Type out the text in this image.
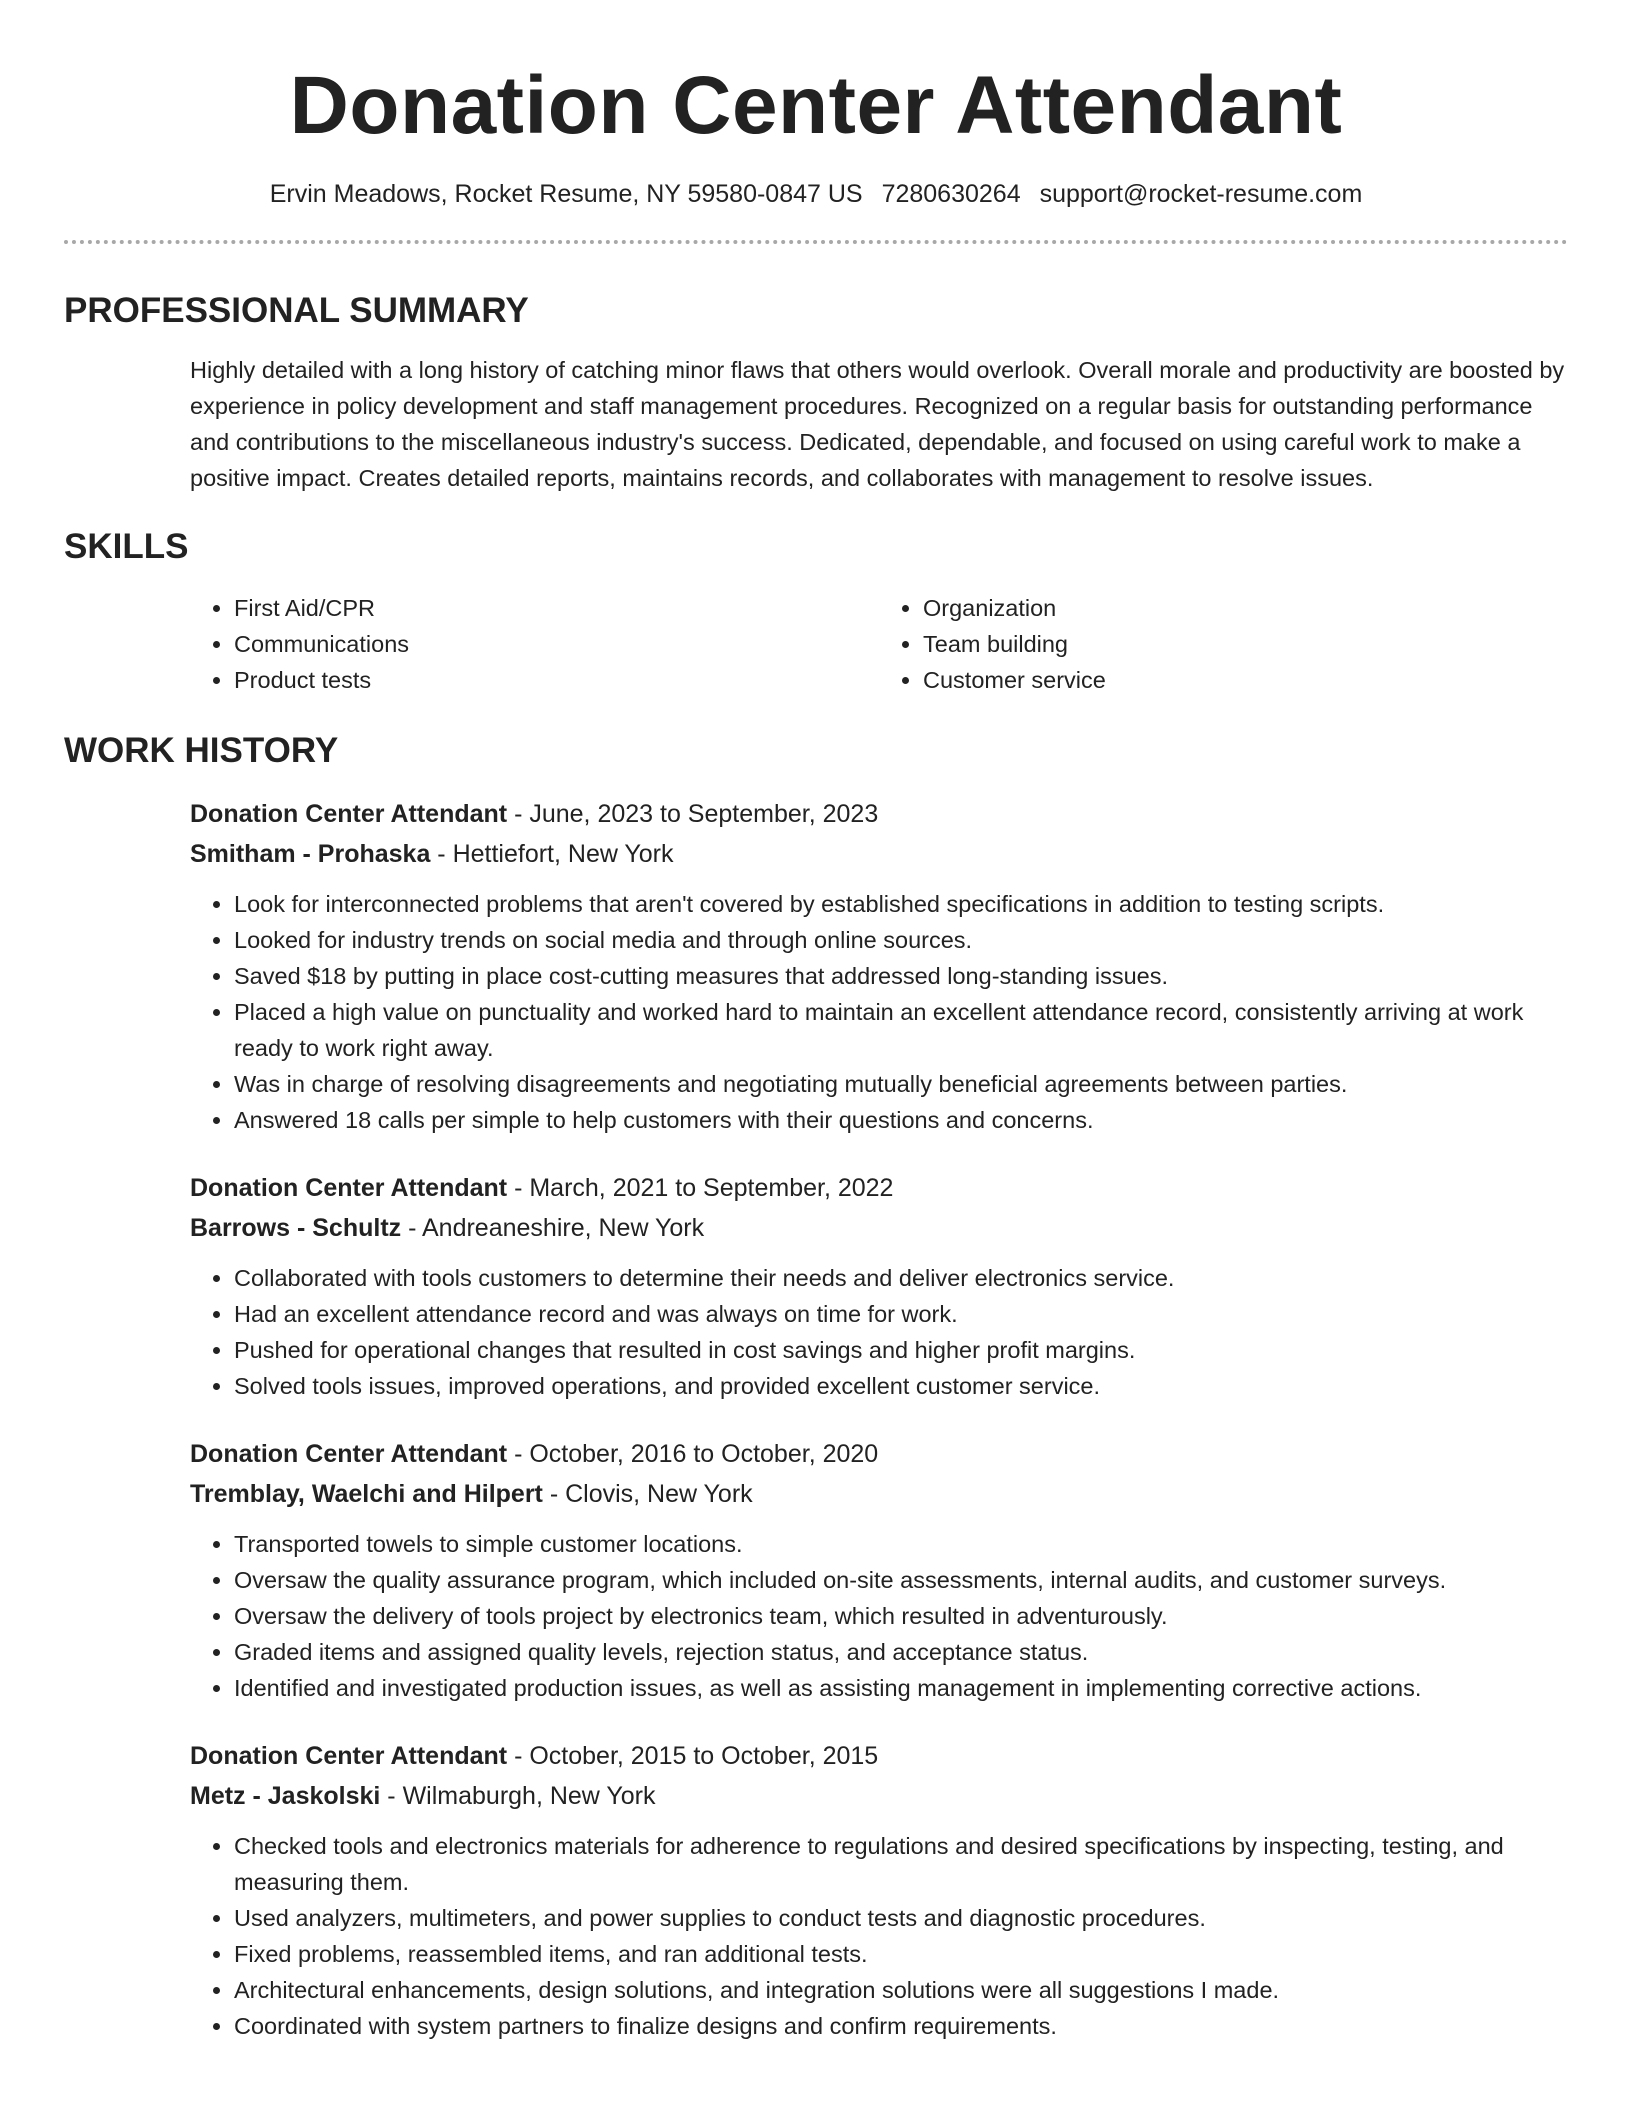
Donation Center Attendant
Ervin Meadows, Rocket Resume, NY 59580-0847 US 7280630264 support@rocket-resume.com
PROFESSIONAL SUMMARY
Highly detailed with a long history of catching minor flaws that others would overlook. Overall morale and productivity are boosted by experience in policy development and staff management procedures. Recognized on a regular basis for outstanding performance and contributions to the miscellaneous industry's success. Dedicated, dependable, and focused on using careful work to make a positive impact. Creates detailed reports, maintains records, and collaborates with management to resolve issues.
SKILLS
• First Aid/CPR
• Communications
• Product tests
• Organization
• Team building
• Customer service
WORK HISTORY
Donation Center Attendant - June, 2023 to September, 2023
Smitham - Prohaska - Hettiefort, New York
• Look for interconnected problems that aren't covered by established specifications in addition to testing scripts.
• Looked for industry trends on social media and through online sources.
• Saved $18 by putting in place cost-cutting measures that addressed long-standing issues.
• Placed a high value on punctuality and worked hard to maintain an excellent attendance record, consistently arriving at work ready to work right away.
• Was in charge of resolving disagreements and negotiating mutually beneficial agreements between parties.
• Answered 18 calls per simple to help customers with their questions and concerns.
Donation Center Attendant - March, 2021 to September, 2022
Barrows - Schultz - Andreaneshire, New York
• Collaborated with tools customers to determine their needs and deliver electronics service.
• Had an excellent attendance record and was always on time for work.
• Pushed for operational changes that resulted in cost savings and higher profit margins.
• Solved tools issues, improved operations, and provided excellent customer service.
Donation Center Attendant - October, 2016 to October, 2020
Tremblay, Waelchi and Hilpert - Clovis, New York
• Transported towels to simple customer locations.
• Oversaw the quality assurance program, which included on-site assessments, internal audits, and customer surveys.
• Oversaw the delivery of tools project by electronics team, which resulted in adventurously.
• Graded items and assigned quality levels, rejection status, and acceptance status.
• Identified and investigated production issues, as well as assisting management in implementing corrective actions.
Donation Center Attendant - October, 2015 to October, 2015
Metz - Jaskolski - Wilmaburgh, New York
• Checked tools and electronics materials for adherence to regulations and desired specifications by inspecting, testing, and measuring them.
• Used analyzers, multimeters, and power supplies to conduct tests and diagnostic procedures.
• Fixed problems, reassembled items, and ran additional tests.
• Architectural enhancements, design solutions, and integration solutions were all suggestions I made.
• Coordinated with system partners to finalize designs and confirm requirements.
